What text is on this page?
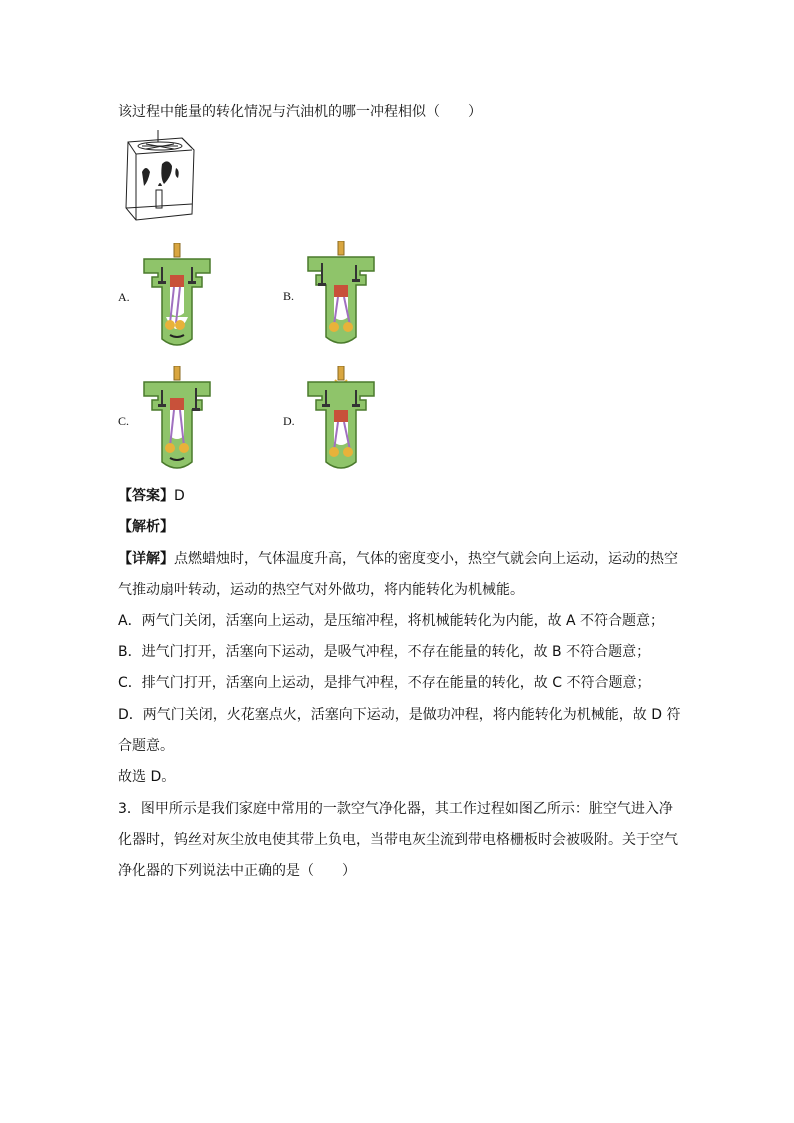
该过程中能量的转化情况与汽油机的哪一冲程相似（　　）
A.	B.
C.	D.
【答案】D
【解析】
【详解】点燃蜡烛时，气体温度升高，气体的密度变小，热空气就会向上运动，运动的热空
气推动扇叶转动，运动的热空气对外做功，将内能转化为机械能。
A．两气门关闭，活塞向上运动，是压缩冲程，将机械能转化为内能，故 A 不符合题意；
B．进气门打开，活塞向下运动，是吸气冲程，不存在能量的转化，故 B 不符合题意；
C．排气门打开，活塞向上运动，是排气冲程，不存在能量的转化，故 C 不符合题意；
D．两气门关闭，火花塞点火，活塞向下运动，是做功冲程，将内能转化为机械能，故 D 符
合题意。
故选 D。
3．图甲所示是我们家庭中常用的一款空气净化器，其工作过程如图乙所示：脏空气进入净
化器时，钨丝对灰尘放电使其带上负电，当带电灰尘流到带电格栅板时会被吸附。关于空气
净化器的下列说法中正确的是（　　）
